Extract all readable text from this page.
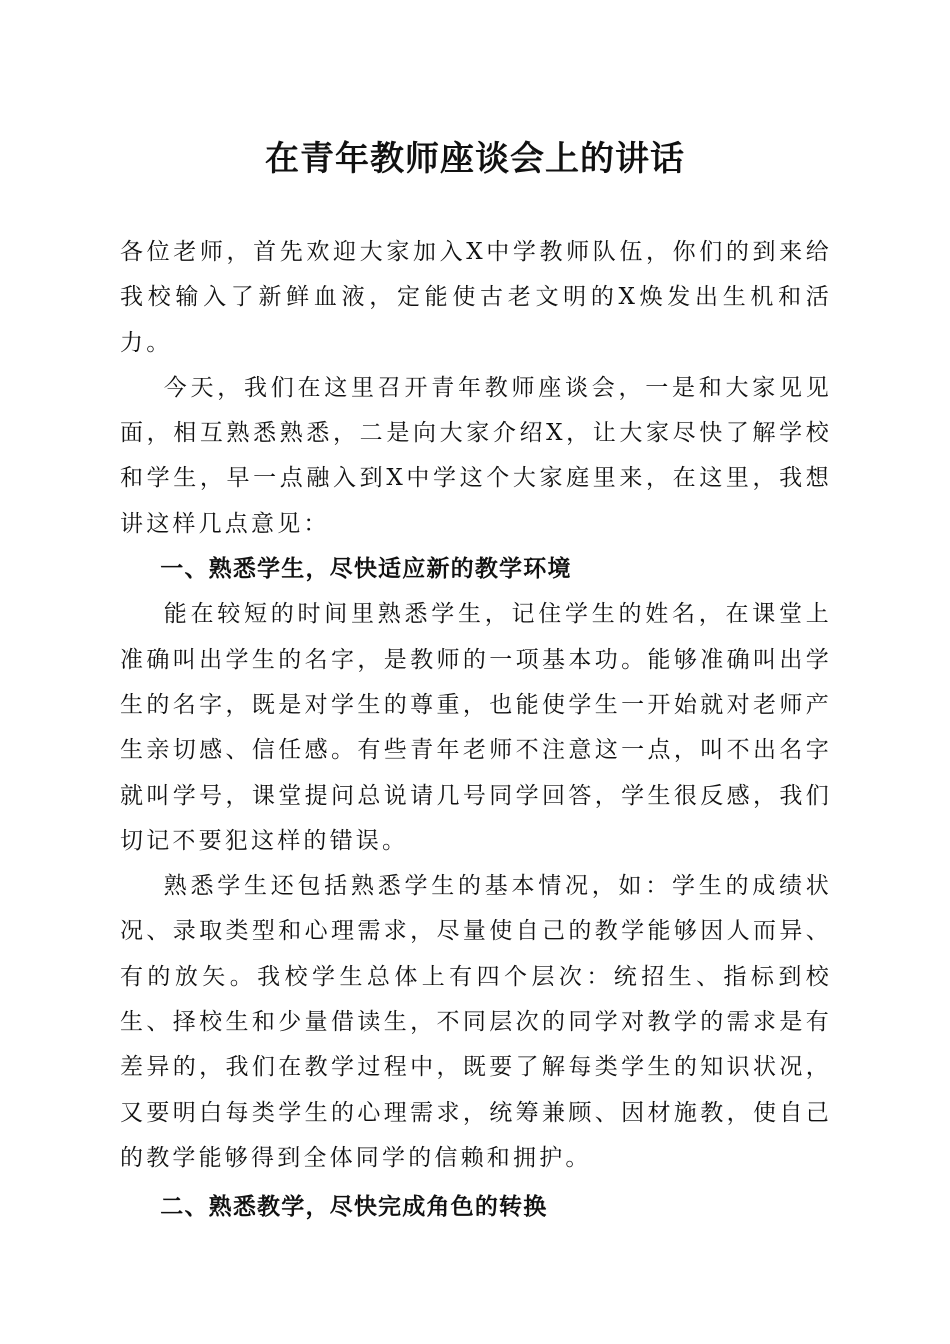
在青年教师座谈会上的讲话

各位老师，首先欢迎大家加入X中学教师队伍，你们的到来给我校输入了新鲜血液，定能使古老文明的X焕发出生机和活力。

今天，我们在这里召开青年教师座谈会，一是和大家见见面，相互熟悉熟悉，二是向大家介绍X，让大家尽快了解学校和学生，早一点融入到X中学这个大家庭里来，在这里，我想讲这样几点意见：

一、熟悉学生，尽快适应新的教学环境

能在较短的时间里熟悉学生，记住学生的姓名，在课堂上准确叫出学生的名字，是教师的一项基本功。能够准确叫出学生的名字，既是对学生的尊重，也能使学生一开始就对老师产生亲切感、信任感。有些青年老师不注意这一点，叫不出名字就叫学号，课堂提问总说请几号同学回答，学生很反感，我们切记不要犯这样的错误。

熟悉学生还包括熟悉学生的基本情况，如：学生的成绩状况、录取类型和心理需求，尽量使自己的教学能够因人而异、有的放矢。我校学生总体上有四个层次：统招生、指标到校生、择校生和少量借读生，不同层次的同学对教学的需求是有差异的，我们在教学过程中，既要了解每类学生的知识状况，又要明白每类学生的心理需求，统筹兼顾、因材施教，使自己的教学能够得到全体同学的信赖和拥护。

二、熟悉教学，尽快完成角色的转换
